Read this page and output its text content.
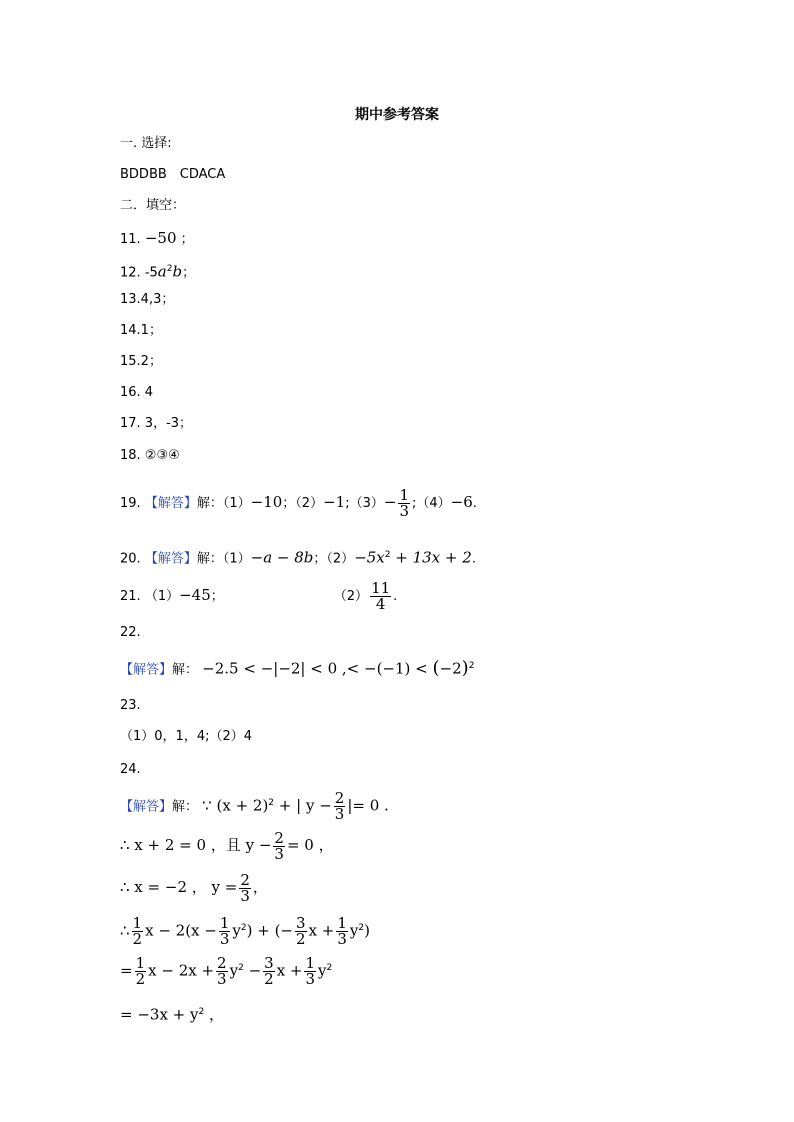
期中参考答案
一. 选择:
BDDBB　CDACA
二．填空：
11. −50 ；
12. $-5a^2b$；
13.4,3；
14.1；
15.2；
16. 4
17. 3，-3；
18. ②③④
19. 【解答】解：（1）−10；（2）−1;（3）− $\frac{1}{3}$ ;（4）−6.
20. 【解答】解：（1）−a − 8b；$(2)-5x^2 + 13x + 2$.
21. （1）−45；	$(2) \frac{11}{4}$ .
22.
【解答】解： −2.5 < −|−2| < 0 ,< $-(-1) < (-2)^2$
23.
（1）0，1，4;（2）4
24.
【解答】解： ∵ $(x + 2)^2$ + | $y - \frac{2}{3}$ |= 0 .
∴ x + 2 = 0 ，且 $y - \frac{2}{3} = 0$ ，
∴ x = −2 ， $y = \frac{2}{3}$ ，
∴ $\frac{1}{2}$ $x - 2(x - \frac{1}{3} y^2)$ + (− $\frac{3}{2}$ $x + \frac{1}{3} y^2$)
= $\frac{1}{2}$ $x - 2x + \frac{2}{3} y^2 - \frac{3}{2}$ $x + \frac{1}{3} y^2$
= $-3x + y^2$ ，
